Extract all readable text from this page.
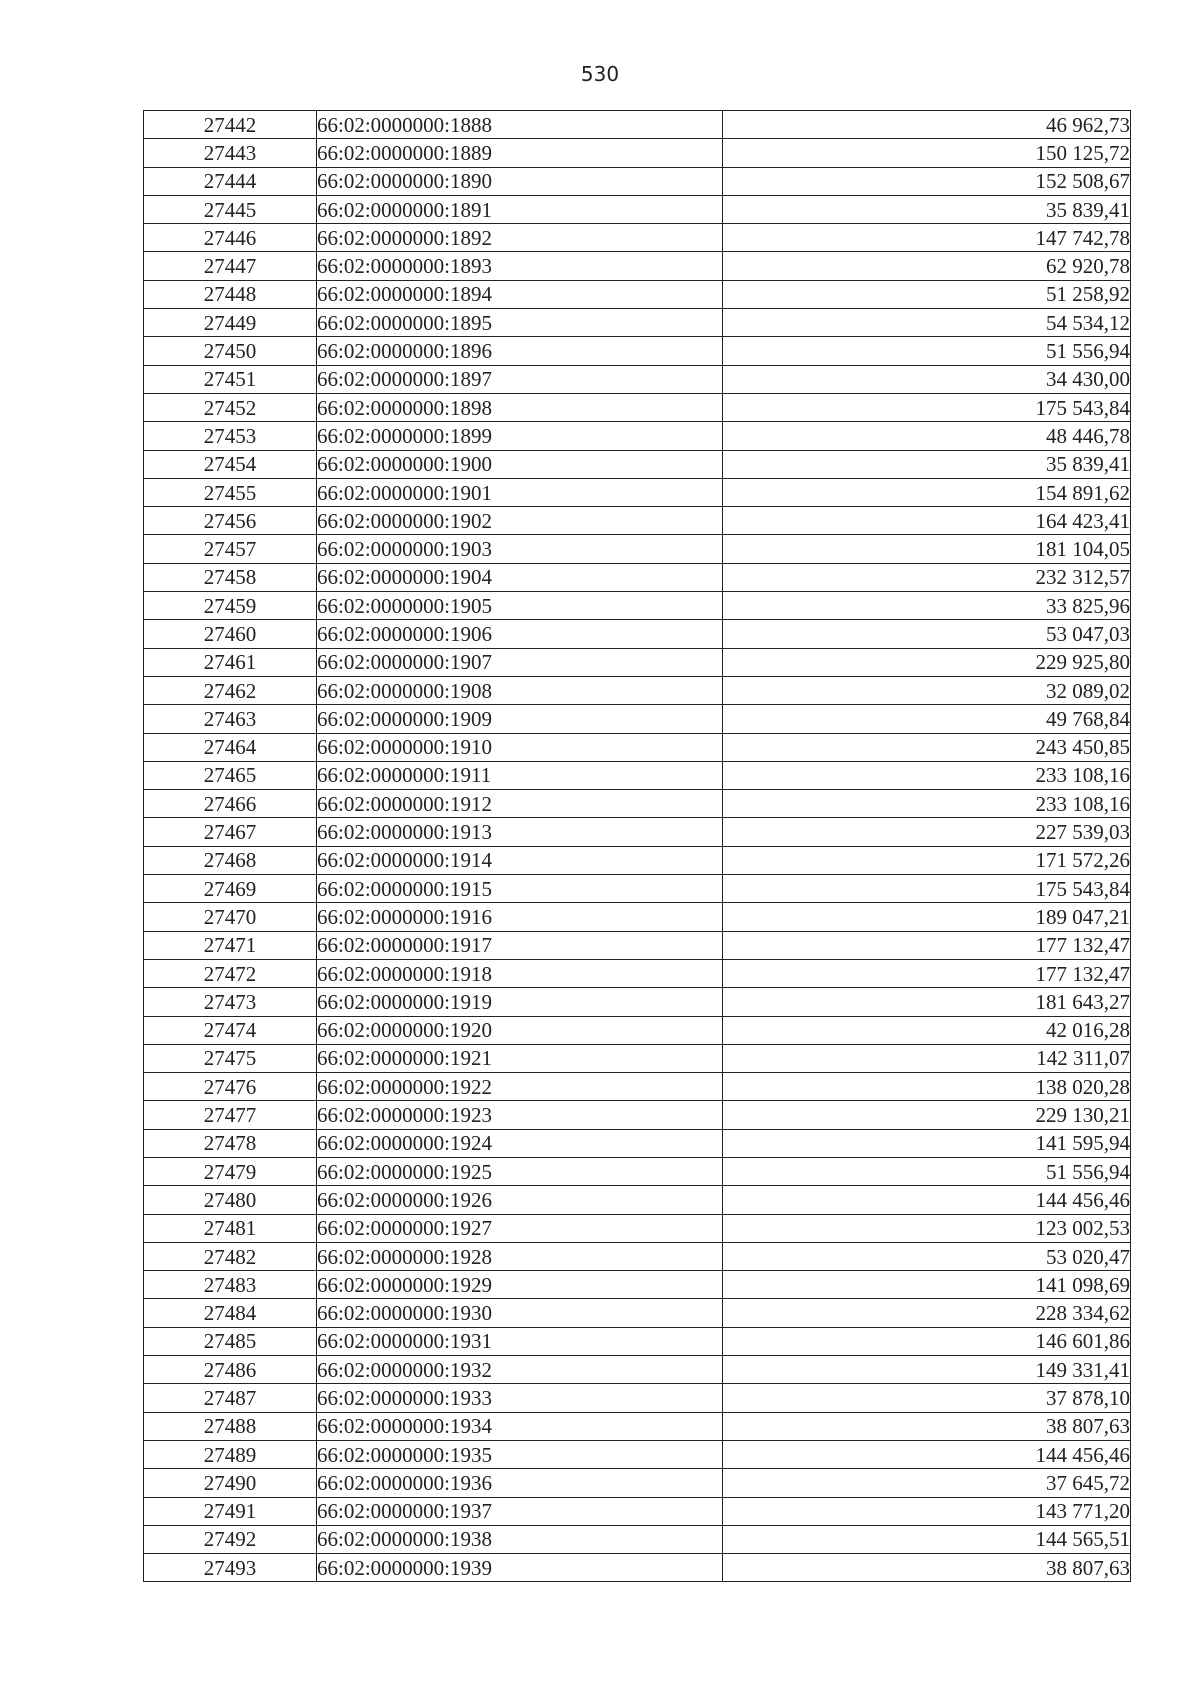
530
27442	66:02:0000000:1888	46 962,73
27443	66:02:0000000:1889	150 125,72
27444	66:02:0000000:1890	152 508,67
27445	66:02:0000000:1891	35 839,41
27446	66:02:0000000:1892	147 742,78
27447	66:02:0000000:1893	62 920,78
27448	66:02:0000000:1894	51 258,92
27449	66:02:0000000:1895	54 534,12
27450	66:02:0000000:1896	51 556,94
27451	66:02:0000000:1897	34 430,00
27452	66:02:0000000:1898	175 543,84
27453	66:02:0000000:1899	48 446,78
27454	66:02:0000000:1900	35 839,41
27455	66:02:0000000:1901	154 891,62
27456	66:02:0000000:1902	164 423,41
27457	66:02:0000000:1903	181 104,05
27458	66:02:0000000:1904	232 312,57
27459	66:02:0000000:1905	33 825,96
27460	66:02:0000000:1906	53 047,03
27461	66:02:0000000:1907	229 925,80
27462	66:02:0000000:1908	32 089,02
27463	66:02:0000000:1909	49 768,84
27464	66:02:0000000:1910	243 450,85
27465	66:02:0000000:1911	233 108,16
27466	66:02:0000000:1912	233 108,16
27467	66:02:0000000:1913	227 539,03
27468	66:02:0000000:1914	171 572,26
27469	66:02:0000000:1915	175 543,84
27470	66:02:0000000:1916	189 047,21
27471	66:02:0000000:1917	177 132,47
27472	66:02:0000000:1918	177 132,47
27473	66:02:0000000:1919	181 643,27
27474	66:02:0000000:1920	42 016,28
27475	66:02:0000000:1921	142 311,07
27476	66:02:0000000:1922	138 020,28
27477	66:02:0000000:1923	229 130,21
27478	66:02:0000000:1924	141 595,94
27479	66:02:0000000:1925	51 556,94
27480	66:02:0000000:1926	144 456,46
27481	66:02:0000000:1927	123 002,53
27482	66:02:0000000:1928	53 020,47
27483	66:02:0000000:1929	141 098,69
27484	66:02:0000000:1930	228 334,62
27485	66:02:0000000:1931	146 601,86
27486	66:02:0000000:1932	149 331,41
27487	66:02:0000000:1933	37 878,10
27488	66:02:0000000:1934	38 807,63
27489	66:02:0000000:1935	144 456,46
27490	66:02:0000000:1936	37 645,72
27491	66:02:0000000:1937	143 771,20
27492	66:02:0000000:1938	144 565,51
27493	66:02:0000000:1939	38 807,63
